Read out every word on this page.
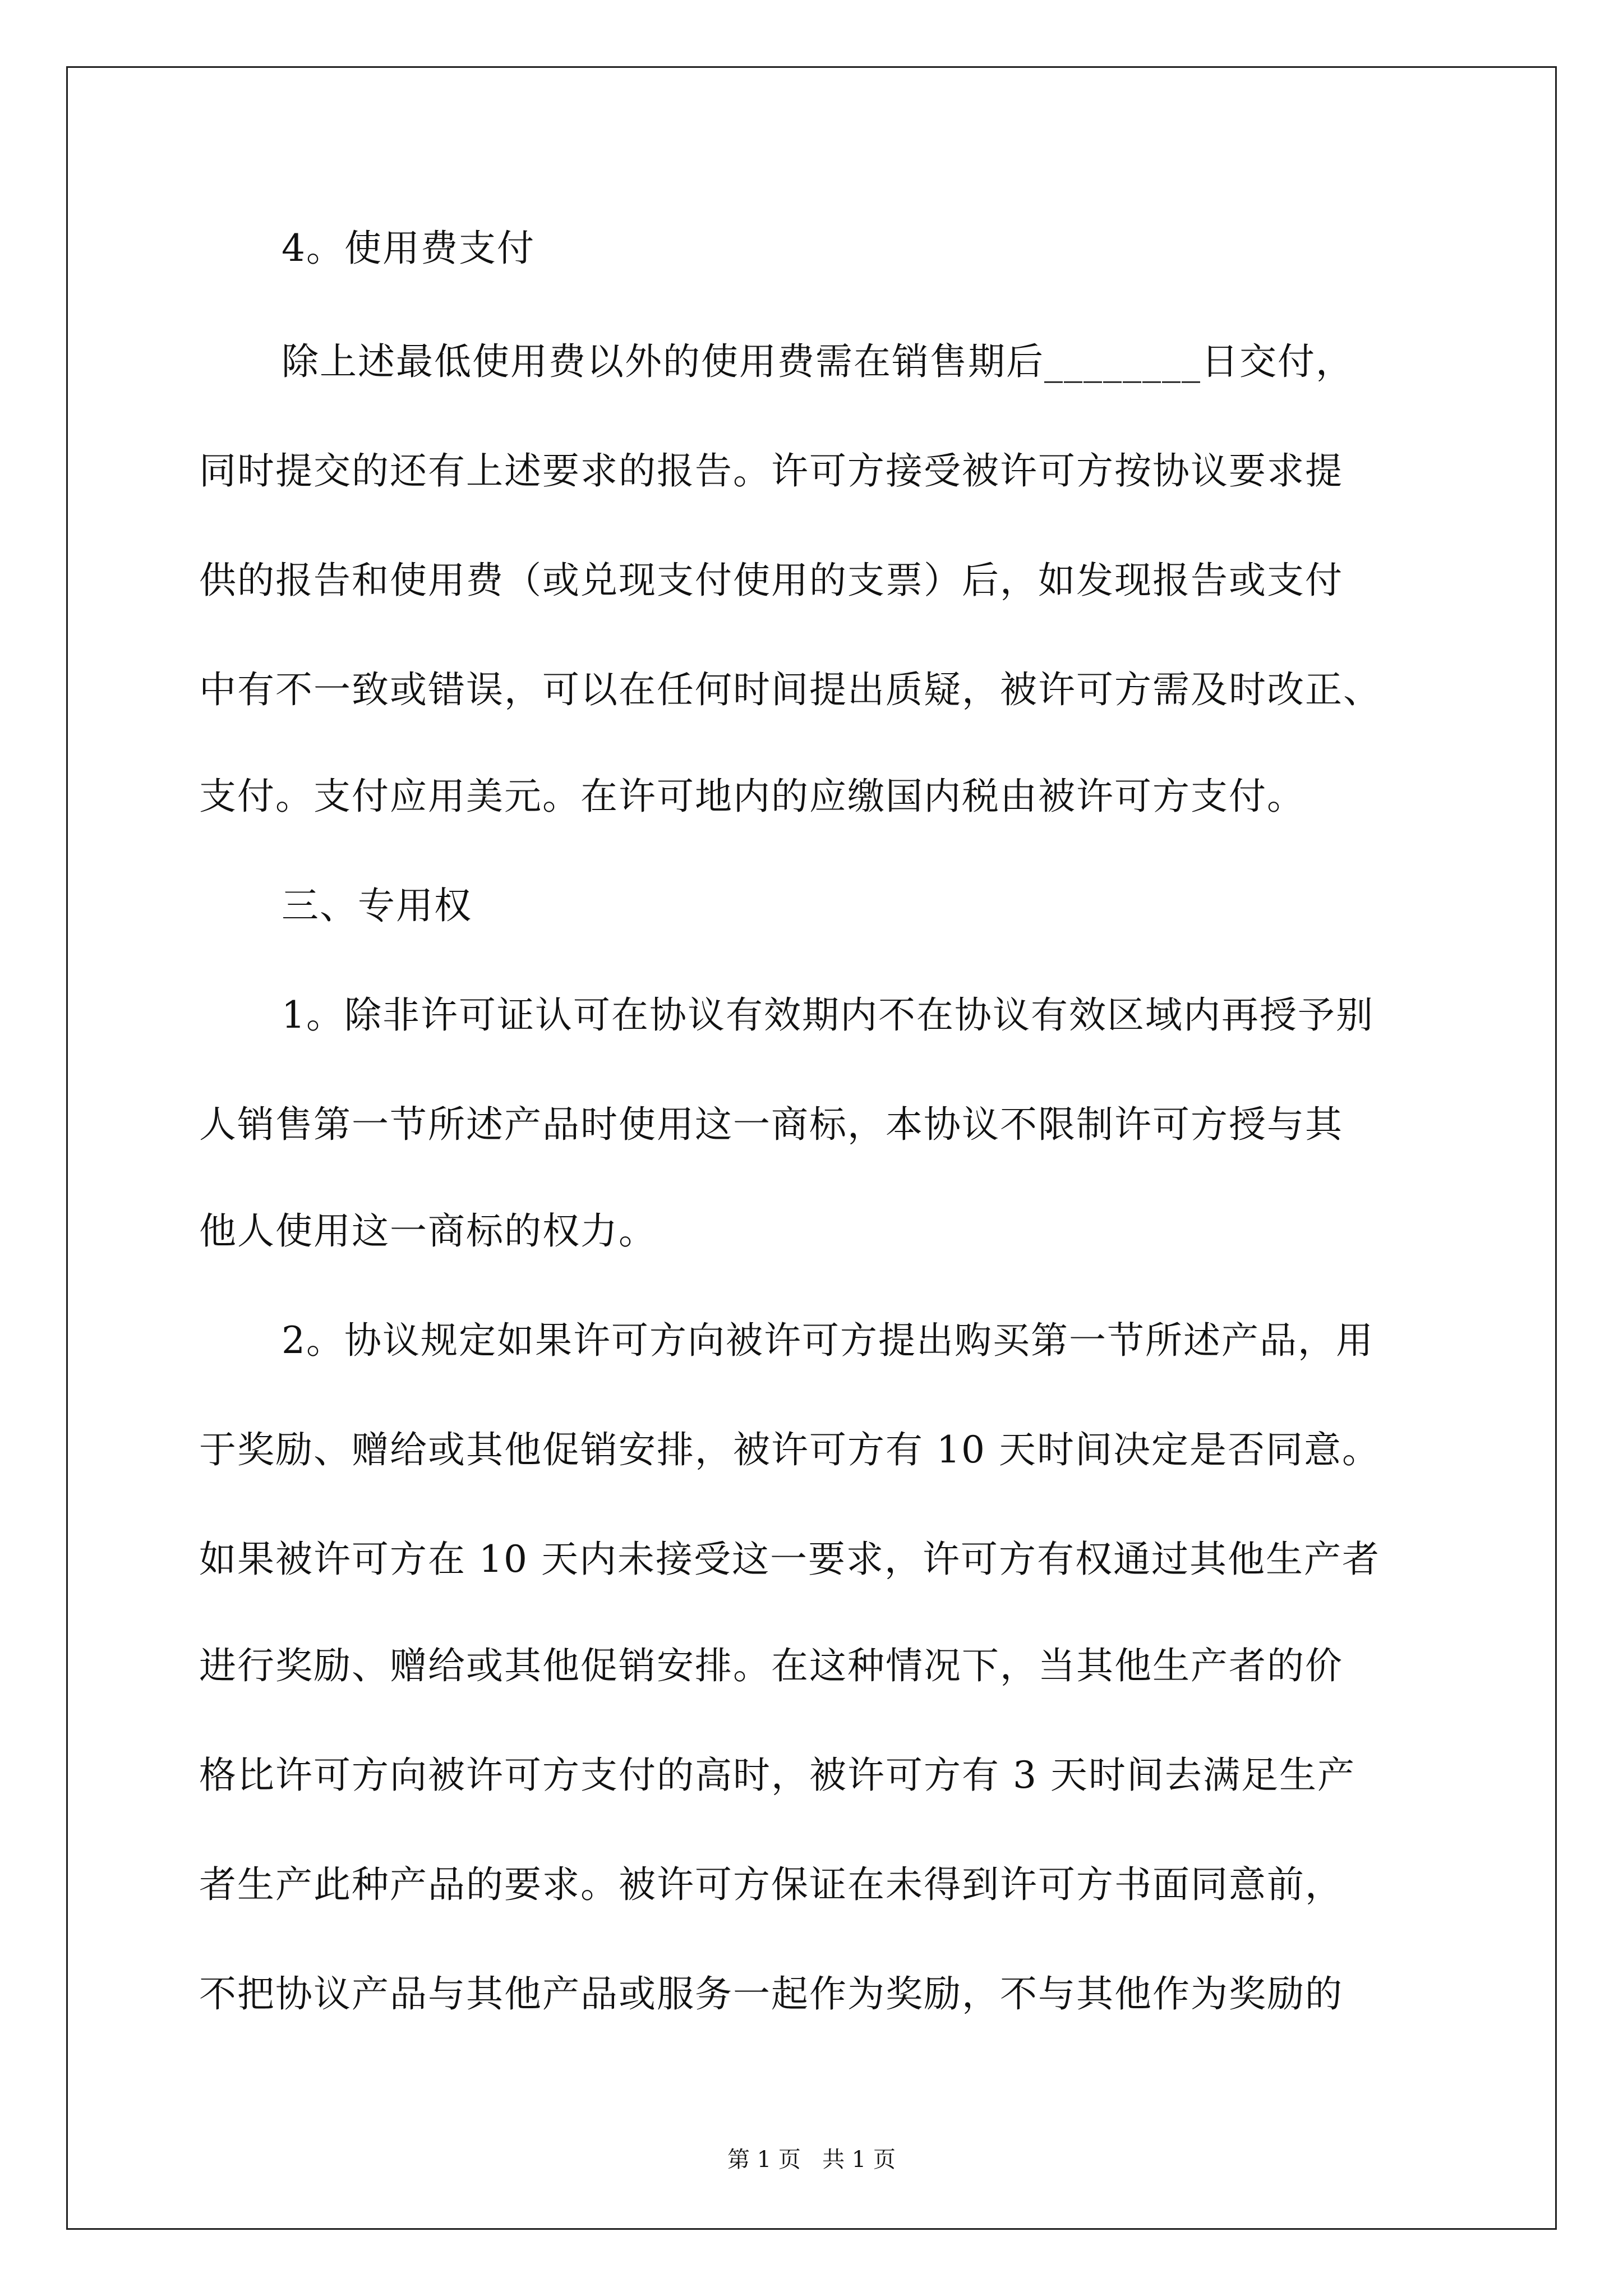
4。使用费支付
除上述最低使用费以外的使用费需在销售期后________日交付，
同时提交的还有上述要求的报告。许可方接受被许可方按协议要求提
供的报告和使用费（或兑现支付使用的支票）后，如发现报告或支付
中有不一致或错误，可以在任何时间提出质疑，被许可方需及时改正、
支付。支付应用美元。在许可地内的应缴国内税由被许可方支付。
三、专用权
1。除非许可证认可在协议有效期内不在协议有效区域内再授予别
人销售第一节所述产品时使用这一商标，本协议不限制许可方授与其
他人使用这一商标的权力。
2。协议规定如果许可方向被许可方提出购买第一节所述产品，用
于奖励、赠给或其他促销安排，被许可方有 10 天时间决定是否同意。
如果被许可方在 10 天内未接受这一要求，许可方有权通过其他生产者
进行奖励、赠给或其他促销安排。在这种情况下，当其他生产者的价
格比许可方向被许可方支付的高时，被许可方有 3 天时间去满足生产
者生产此种产品的要求。被许可方保证在未得到许可方书面同意前，
不把协议产品与其他产品或服务一起作为奖励，不与其他作为奖励的
第 1 页   共 1 页
